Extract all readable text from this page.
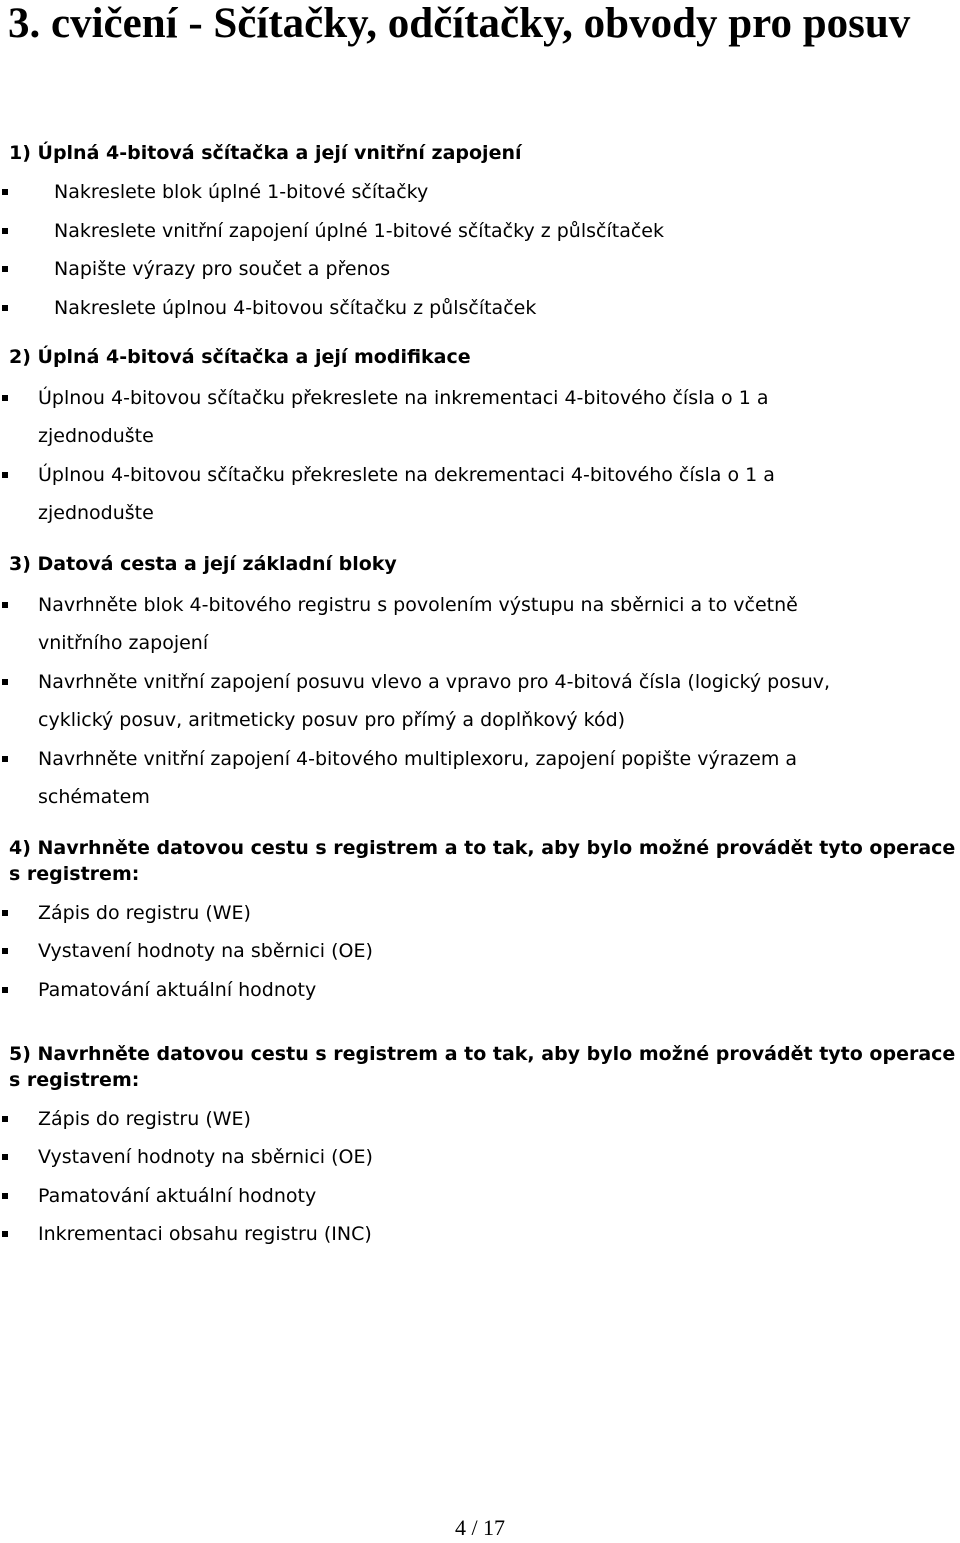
3. cvičení - Sčítačky, odčítačky, obvody pro posuv
1) Úplná 4-bitová sčítačka a její vnitřní zapojení

Nakreslete blok úplné 1-bitové sčítačky

Nakreslete vnitřní zapojení úplné 1-bitové sčítačky z půlsčítaček

Napište výrazy pro součet a přenos

Nakreslete úplnou 4-bitovou sčítačku z půlsčítaček

2) Úplná 4-bitová sčítačka a její modifikace

Úplnou 4-bitovou sčítačku překreslete na inkrementaci 4-bitového čísla o 1 a

zjednodušte

Úplnou 4-bitovou sčítačku překreslete na dekrementaci 4-bitového čísla o 1 a

zjednodušte

3) Datová cesta a její základní bloky

Navrhněte blok 4-bitového registru s povolením výstupu na sběrnici a to včetně

vnitřního zapojení

Navrhněte vnitřní zapojení posuvu vlevo a vpravo pro 4-bitová čísla (logický posuv,

cyklický posuv, aritmeticky posuv pro přímý a doplňkový kód)

Navrhněte vnitřní zapojení 4-bitového multiplexoru, zapojení popište výrazem a

schématem

4) Navrhněte datovou cestu s registrem a to tak, aby bylo možné provádět tyto operace s registrem:

Zápis do registru (WE)

Vystavení hodnoty na sběrnici (OE)

Pamatování aktuální hodnoty

5) Navrhněte datovou cestu s registrem a to tak, aby bylo možné provádět tyto operace s registrem:

Zápis do registru (WE)

Vystavení hodnoty na sběrnici (OE)

Pamatování aktuální hodnoty

Inkrementaci obsahu registru (INC)

4 / 17
